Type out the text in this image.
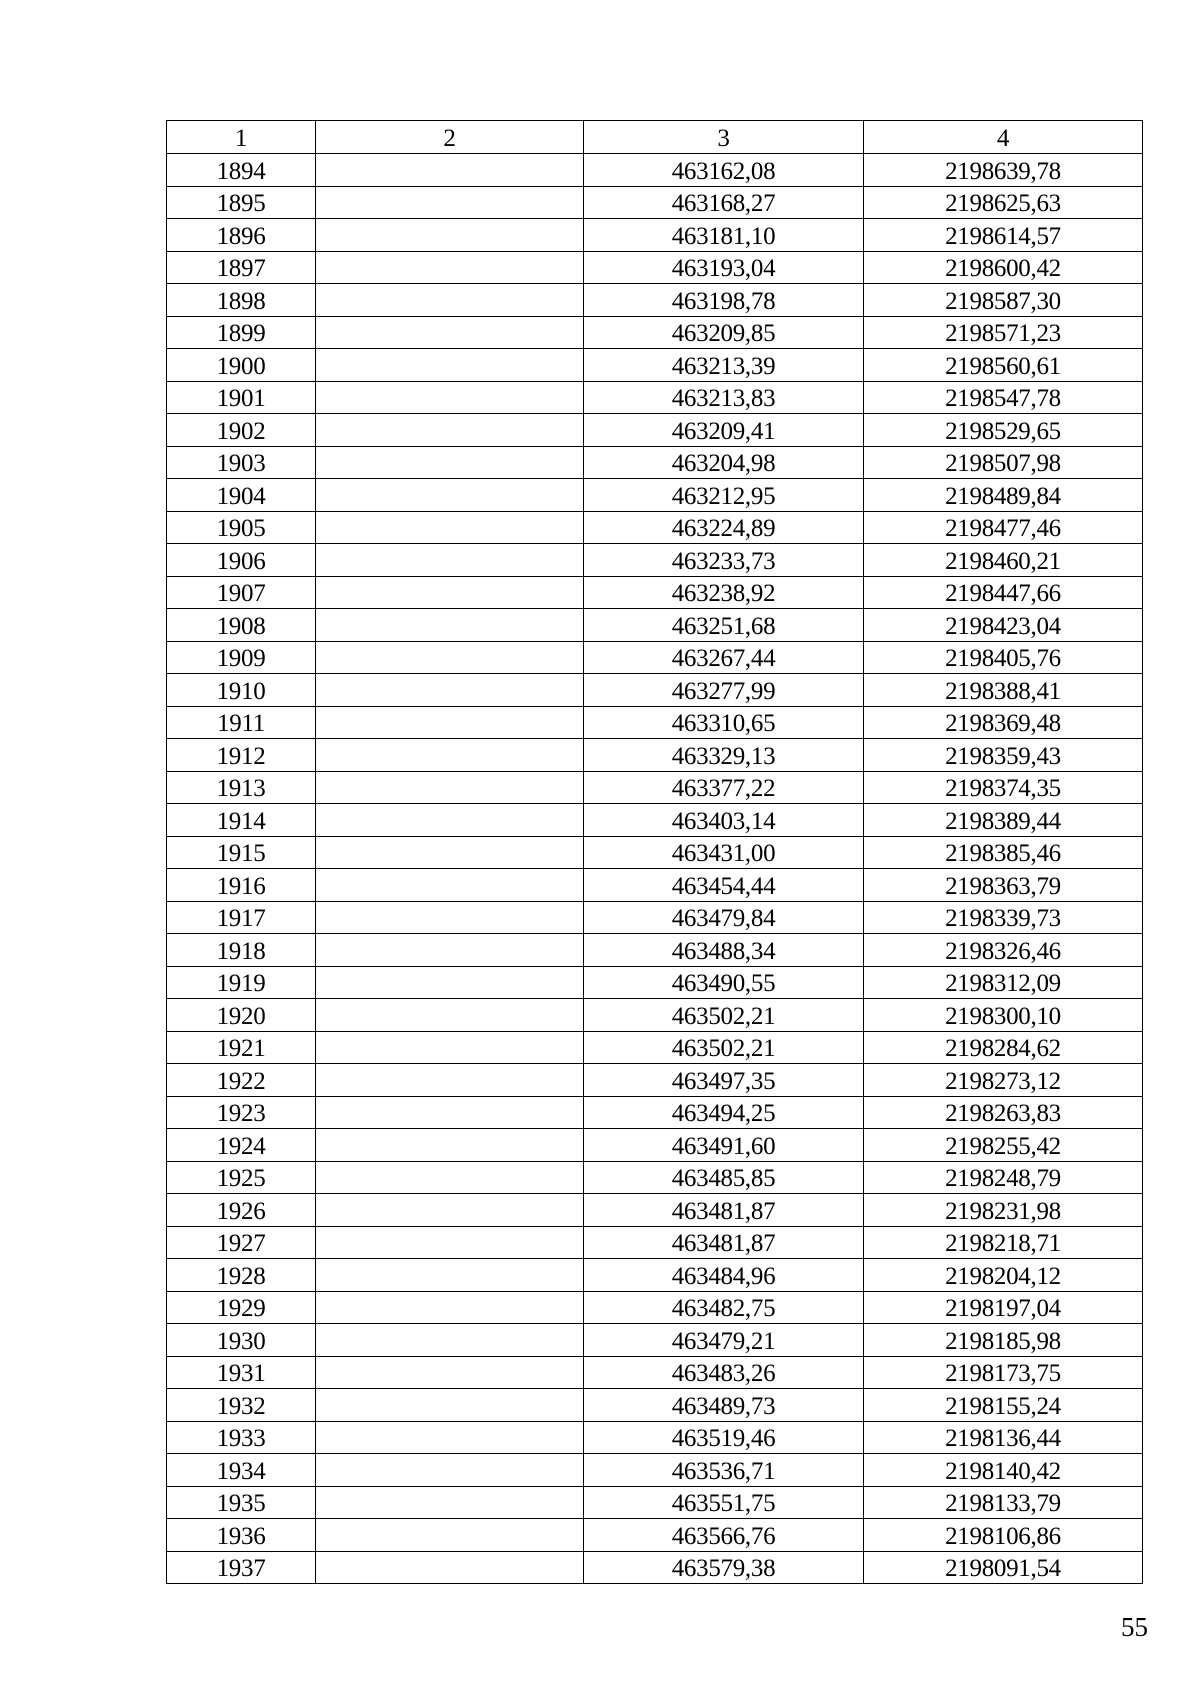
1	2	3	4
1894		463162,08	2198639,78
1895		463168,27	2198625,63
1896		463181,10	2198614,57
1897		463193,04	2198600,42
1898		463198,78	2198587,30
1899		463209,85	2198571,23
1900		463213,39	2198560,61
1901		463213,83	2198547,78
1902		463209,41	2198529,65
1903		463204,98	2198507,98
1904		463212,95	2198489,84
1905		463224,89	2198477,46
1906		463233,73	2198460,21
1907		463238,92	2198447,66
1908		463251,68	2198423,04
1909		463267,44	2198405,76
1910		463277,99	2198388,41
1911		463310,65	2198369,48
1912		463329,13	2198359,43
1913		463377,22	2198374,35
1914		463403,14	2198389,44
1915		463431,00	2198385,46
1916		463454,44	2198363,79
1917		463479,84	2198339,73
1918		463488,34	2198326,46
1919		463490,55	2198312,09
1920		463502,21	2198300,10
1921		463502,21	2198284,62
1922		463497,35	2198273,12
1923		463494,25	2198263,83
1924		463491,60	2198255,42
1925		463485,85	2198248,79
1926		463481,87	2198231,98
1927		463481,87	2198218,71
1928		463484,96	2198204,12
1929		463482,75	2198197,04
1930		463479,21	2198185,98
1931		463483,26	2198173,75
1932		463489,73	2198155,24
1933		463519,46	2198136,44
1934		463536,71	2198140,42
1935		463551,75	2198133,79
1936		463566,76	2198106,86
1937		463579,38	2198091,54
55
